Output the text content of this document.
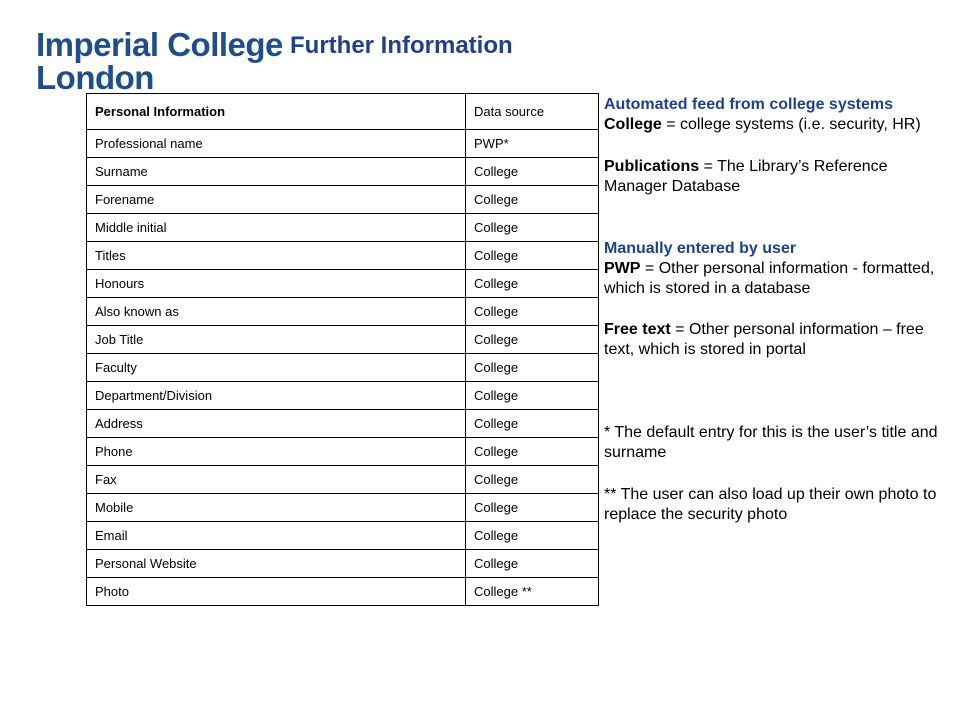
Imperial College
London
Further Information
Personal Information	Data source
Professional name	PWP*
Surname	College
Forename	College
Middle initial	College
Titles	College
Honours	College
Also known as	College
Job Title	College
Faculty	College
Department/Division	College
Address	College
Phone	College
Fax	College
Mobile	College
Email	College
Personal Website	College
Photo	College **

Automated feed from college systems

College = college systems (i.e. security, HR)

Publications = The Library’s Reference Manager Database

Manually entered by user

PWP = Other personal information - formatted, which is stored in a database

Free text = Other personal information – free text, which is stored in portal

* The default entry for this is the user’s title and surname

** The user can also load up their own photo to replace the security photo
